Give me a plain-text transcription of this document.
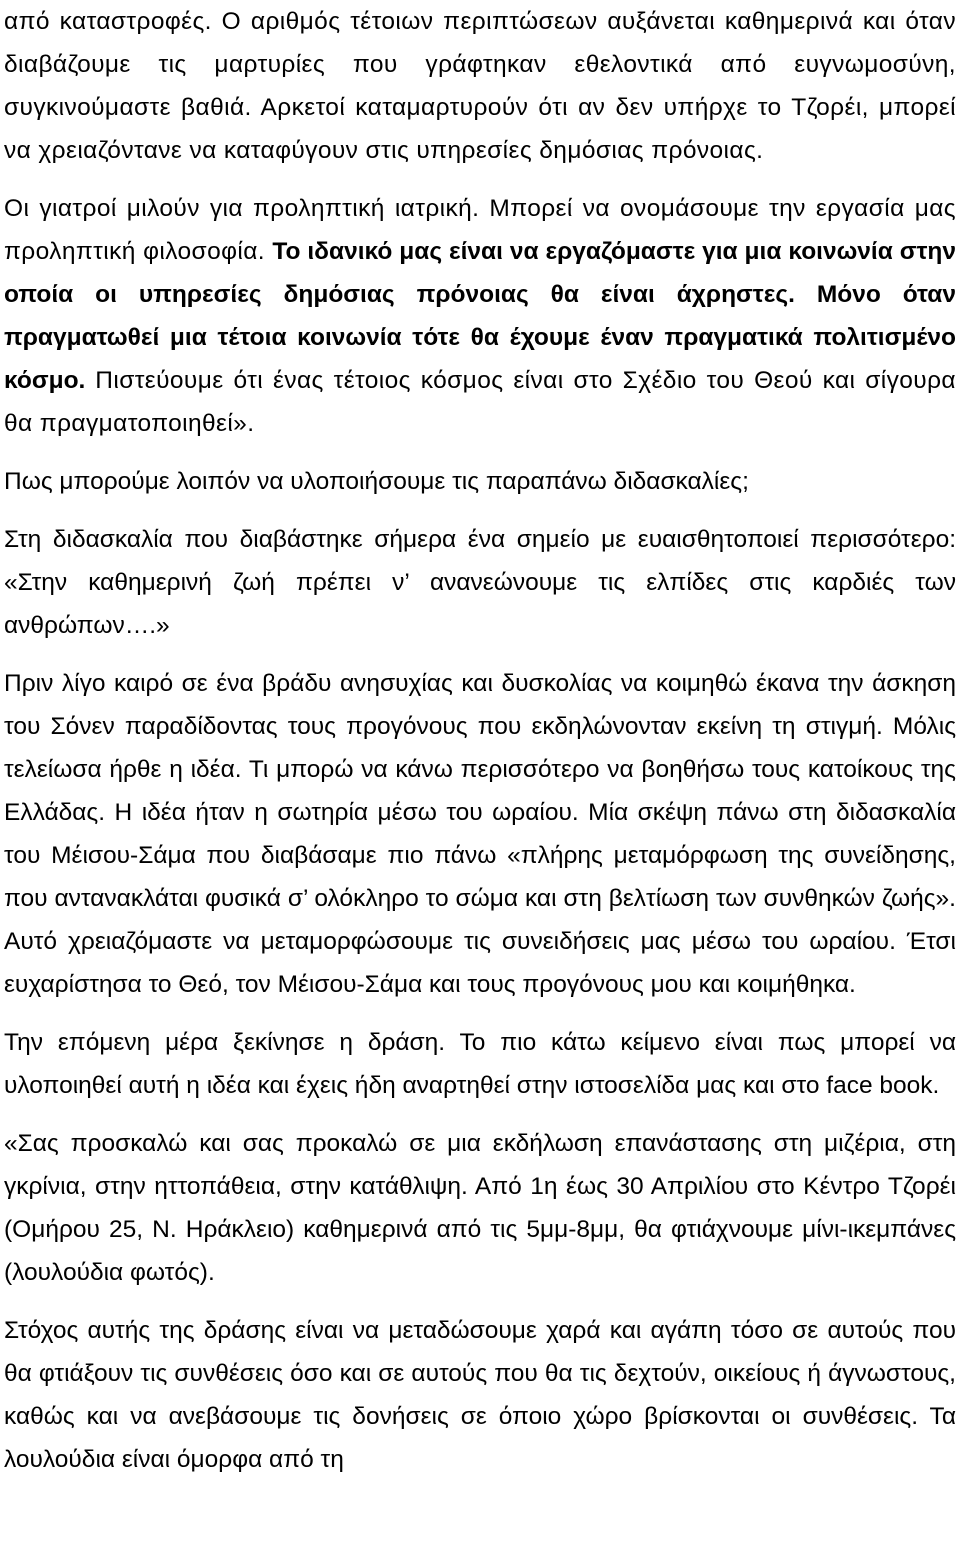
από καταστροφές. Ο αριθμός τέτοιων περιπτώσεων αυξάνεται καθημερινά και όταν διαβάζουμε τις μαρτυρίες που γράφτηκαν εθελοντικά από ευγνωμοσύνη, συγκινούμαστε βαθιά. Αρκετοί καταμαρτυρούν ότι αν δεν υπήρχε το Τζορέι, μπορεί να χρειαζόντανε να καταφύγουν στις υπηρεσίες δημόσιας πρόνοιας.

Οι γιατροί μιλούν για προληπτική ιατρική. Μπορεί να ονομάσουμε την εργασία μας προληπτική φιλοσοφία. Το ιδανικό μας είναι να εργαζόμαστε για μια κοινωνία στην οποία οι υπηρεσίες δημόσιας πρόνοιας θα είναι άχρηστες. Μόνο όταν πραγματωθεί μια τέτοια κοινωνία τότε θα έχουμε έναν πραγματικά πολιτισμένο κόσμο. Πιστεύουμε ότι ένας τέτοιος κόσμος είναι στο Σχέδιο του Θεού και σίγουρα θα πραγματοποιηθεί».

Πως μπορούμε λοιπόν να υλοποιήσουμε τις παραπάνω διδασκαλίες;

Στη διδασκαλία που διαβάστηκε σήμερα ένα σημείο με ευαισθητοποιεί περισσότερο: «Στην καθημερινή ζωή πρέπει ν’ ανανεώνουμε τις ελπίδες στις καρδιές των ανθρώπων….»

Πριν λίγο καιρό σε ένα βράδυ ανησυχίας και δυσκολίας να κοιμηθώ έκανα την άσκηση του Σόνεν παραδίδοντας τους προγόνους που εκδηλώνονταν εκείνη τη στιγμή. Μόλις τελείωσα ήρθε η ιδέα. Τι μπορώ να κάνω περισσότερο να βοηθήσω τους κατοίκους της Ελλάδας. Η ιδέα ήταν η σωτηρία μέσω του ωραίου. Μία σκέψη πάνω στη διδασκαλία του Μέισου-Σάμα που διαβάσαμε πιο πάνω «πλήρης μεταμόρφωση της συνείδησης, που αντανακλάται φυσικά σ’ ολόκληρο το σώμα και στη βελτίωση των συνθηκών ζωής». Αυτό χρειαζόμαστε να μεταμορφώσουμε τις συνειδήσεις μας μέσω του ωραίου. Έτσι ευχαρίστησα το Θεό, τον Μέισου-Σάμα και τους προγόνους μου και κοιμήθηκα.

Την επόμενη μέρα ξεκίνησε η δράση. Το πιο κάτω κείμενο είναι πως μπορεί να υλοποιηθεί αυτή η ιδέα και έχεις ήδη αναρτηθεί στην ιστοσελίδα μας και στο face book.

«Σας προσκαλώ και σας προκαλώ σε μια εκδήλωση επανάστασης στη μιζέρια, στη γκρίνια, στην ηττοπάθεια, στην κατάθλιψη. Από 1η έως 30 Απριλίου στο Κέντρο Τζορέι (Ομήρου 25, Ν. Ηράκλειο) καθημερινά από τις 5μμ-8μμ, θα φτιάχνουμε μίνι-ικεμπάνες (λουλούδια φωτός).

Στόχος αυτής της δράσης είναι να μεταδώσουμε χαρά και αγάπη τόσο σε αυτούς που θα φτιάξουν τις συνθέσεις όσο και σε αυτούς που θα τις δεχτούν, οικείους ή άγνωστους, καθώς και να ανεβάσουμε τις δονήσεις σε όποιο χώρο βρίσκονται οι συνθέσεις. Τα λουλούδια είναι όμορφα από τη
